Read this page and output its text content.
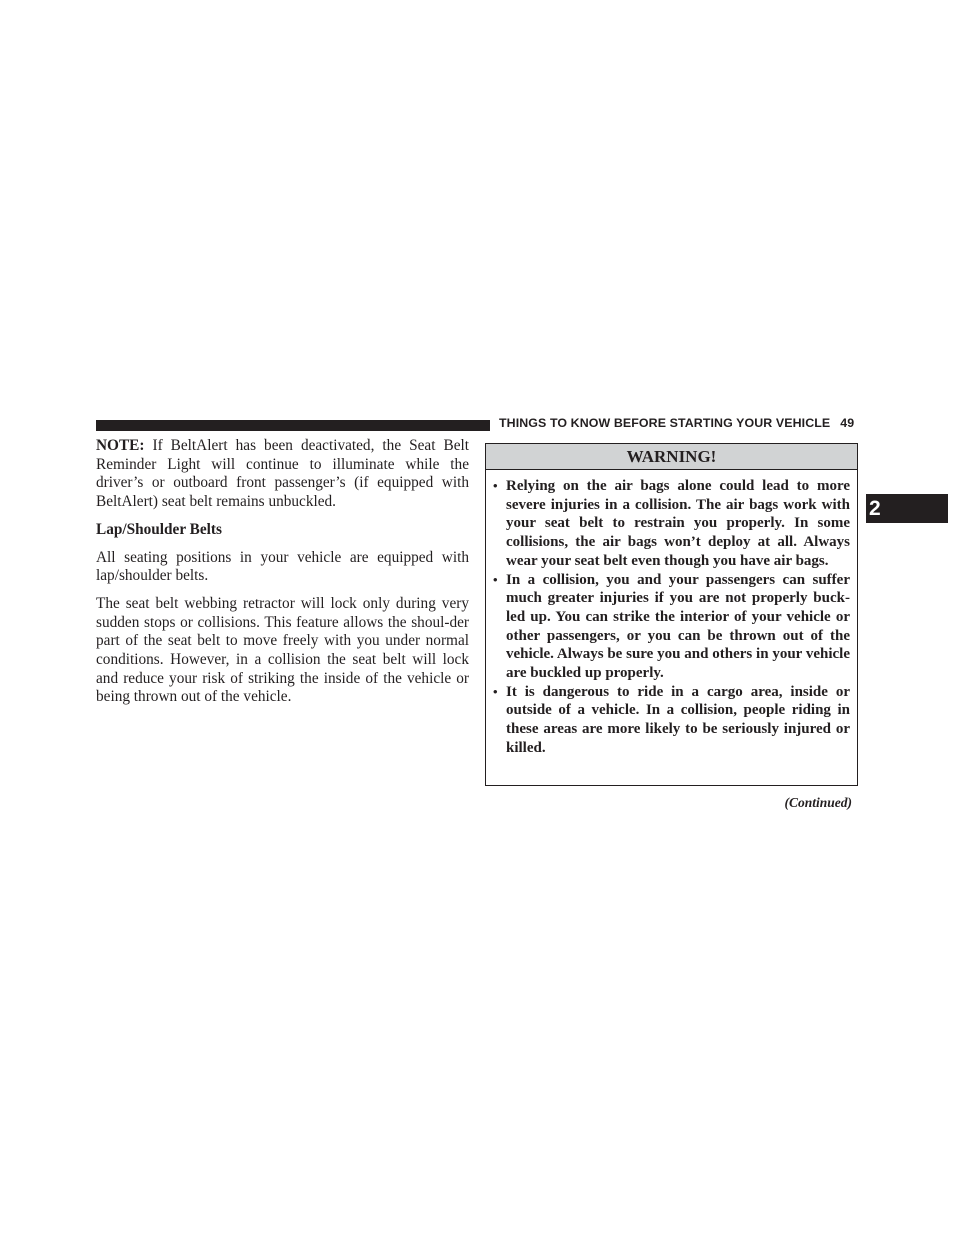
THINGS TO KNOW BEFORE STARTING YOUR VEHICLE 49
2

NOTE: If BeltAlert has been deactivated, the Seat Belt Reminder Light will continue to illuminate while the driver’s or outboard front passenger’s (if equipped with BeltAlert) seat belt remains unbuckled.

Lap/Shoulder Belts

All seating positions in your vehicle are equipped with lap/shoulder belts.

The seat belt webbing retractor will lock only during very sudden stops or collisions. This feature allows the shoul-der part of the seat belt to move freely with you under normal conditions. However, in a collision the seat belt will lock and reduce your risk of striking the inside of the vehicle or being thrown out of the vehicle.

WARNING!
• Relying on the air bags alone could lead to more severe injuries in a collision. The air bags work with your seat belt to restrain you properly. In some collisions, the air bags won’t deploy at all. Always wear your seat belt even though you have air bags.
• In a collision, you and your passengers can suffer much greater injuries if you are not properly buck-led up. You can strike the interior of your vehicle or other passengers, or you can be thrown out of the vehicle. Always be sure you and others in your vehicle are buckled up properly.
• It is dangerous to ride in a cargo area, inside or outside of a vehicle. In a collision, people riding in these areas are more likely to be seriously injured or killed.
(Continued)
